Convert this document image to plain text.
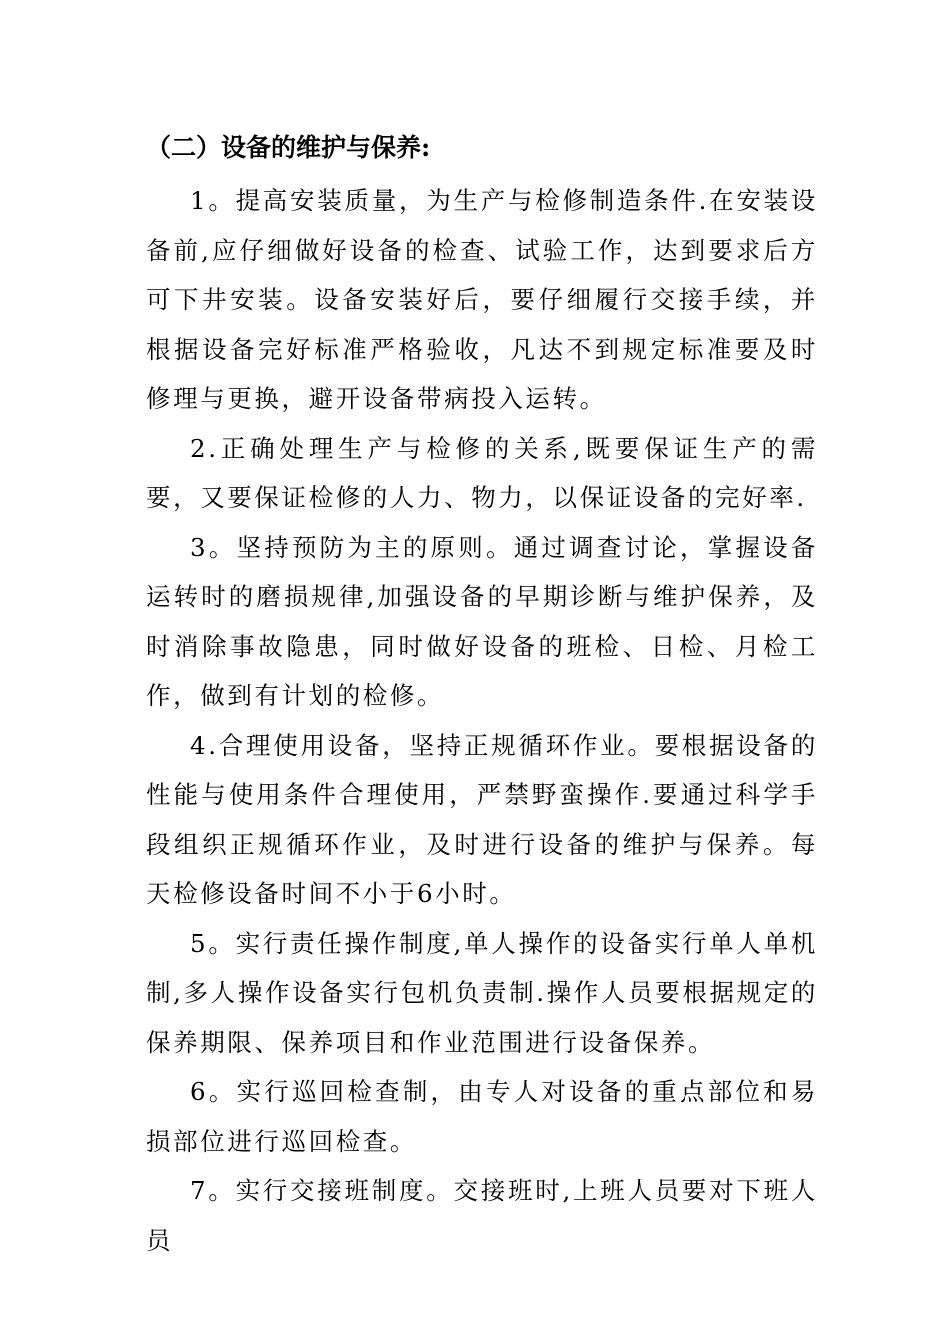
（二）设备的维护与保养:

1。提高安装质量，为生产与检修制造条件.在安装设备前,应仔细做好设备的检查、试验工作，达到要求后方可下井安装。设备安装好后，要仔细履行交接手续，并根据设备完好标准严格验收，凡达不到规定标准要及时修理与更换，避开设备带病投入运转。

2.正确处理生产与检修的关系,既要保证生产的需要，又要保证检修的人力、物力，以保证设备的完好率.

3。坚持预防为主的原则。通过调查讨论，掌握设备运转时的磨损规律,加强设备的早期诊断与维护保养，及时消除事故隐患，同时做好设备的班检、日检、月检工作，做到有计划的检修。

4.合理使用设备，坚持正规循环作业。要根据设备的性能与使用条件合理使用，严禁野蛮操作.要通过科学手段组织正规循环作业，及时进行设备的维护与保养。每天检修设备时间不小于6小时。

5。实行责任操作制度,单人操作的设备实行单人单机制,多人操作设备实行包机负责制.操作人员要根据规定的保养期限、保养项目和作业范围进行设备保养。

6。实行巡回检查制，由专人对设备的重点部位和易损部位进行巡回检查。

7。实行交接班制度。交接班时,上班人员要对下班人员
